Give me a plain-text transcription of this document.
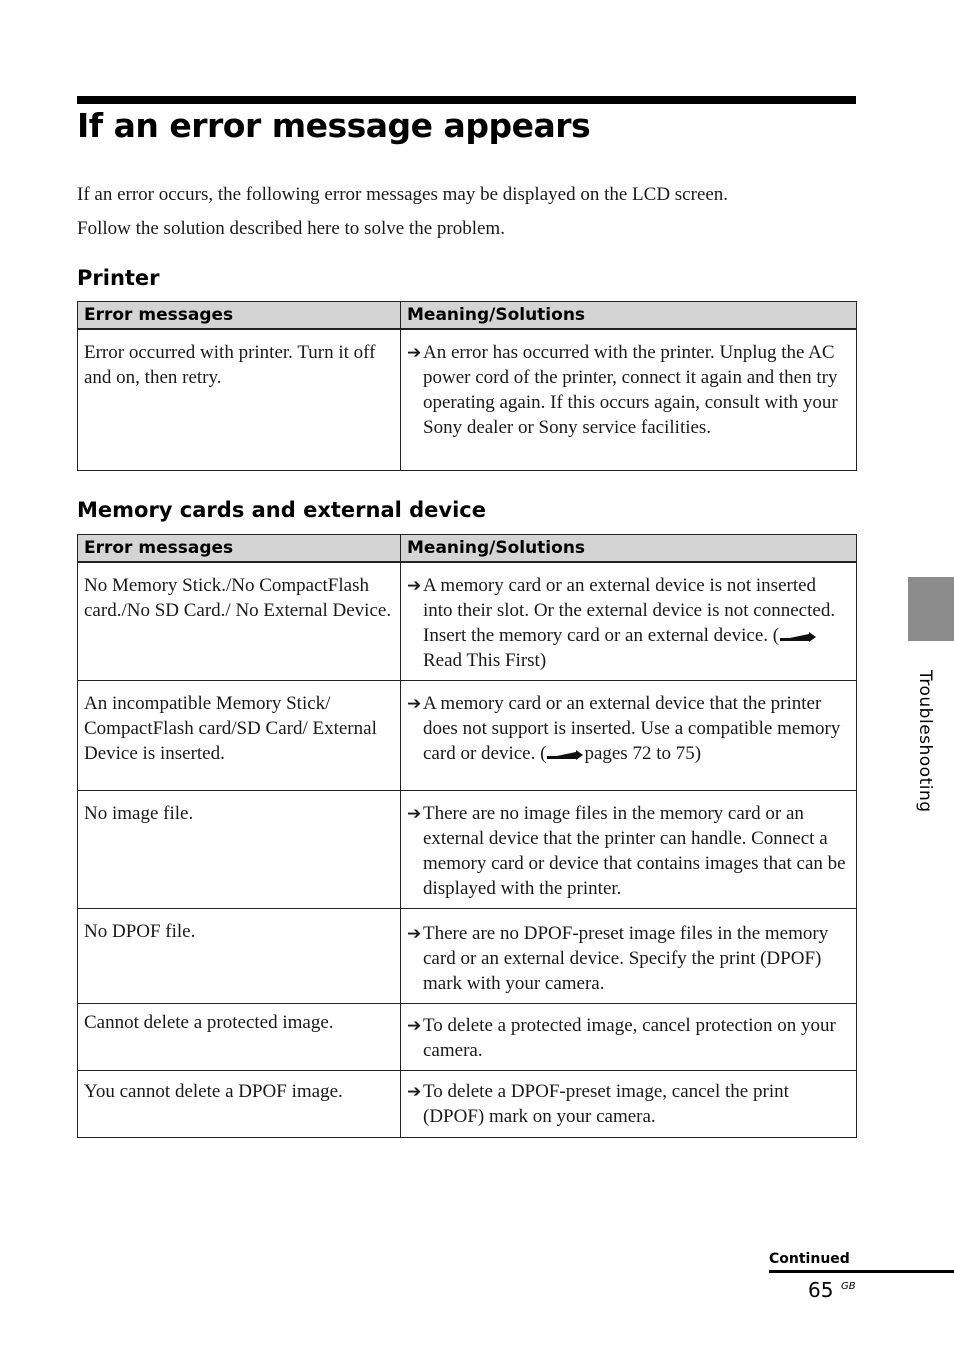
If an error message appears

If an error occurs, the following error messages may be displayed on the LCD screen.

Follow the solution described here to solve the problem.

Printer
Error messages	Meaning/Solutions
Error occurred with printer. Turn it off and on, then retry.	➔ An error has occurred with the printer. Unplug the AC power cord of the printer, connect it again and then try operating again. If this occurs again, consult with your Sony dealer or Sony service facilities.
Memory cards and external device
Error messages	Meaning/Solutions
No Memory Stick./No CompactFlash card./No SD Card./ No External Device.	➔ A memory card or an external device is not inserted into their slot. Or the external device is not connected. Insert the memory card or an external device. (Read This First)

An incompatible Memory Stick/ CompactFlash card/SD Card/ External Device is inserted.	➔ A memory card or an external device that the printer does not support is inserted. Use a compatible memory card or device. ( pages 72 to 75)

No image file.	➔ There are no image files in the memory card or an external device that the printer can handle. Connect a memory card or device that contains images that can be displayed with the printer.

No DPOF file.	➔ There are no DPOF-preset image files in the memory card or an external device. Specify the print (DPOF) mark with your camera.

Cannot delete a protected image.	➔ To delete a protected image, cancel protection on your camera.

You cannot delete a DPOF image.	➔ To delete a DPOF-preset image, cancel the print (DPOF) mark on your camera.
Troubleshooting
Continued
65 GB
